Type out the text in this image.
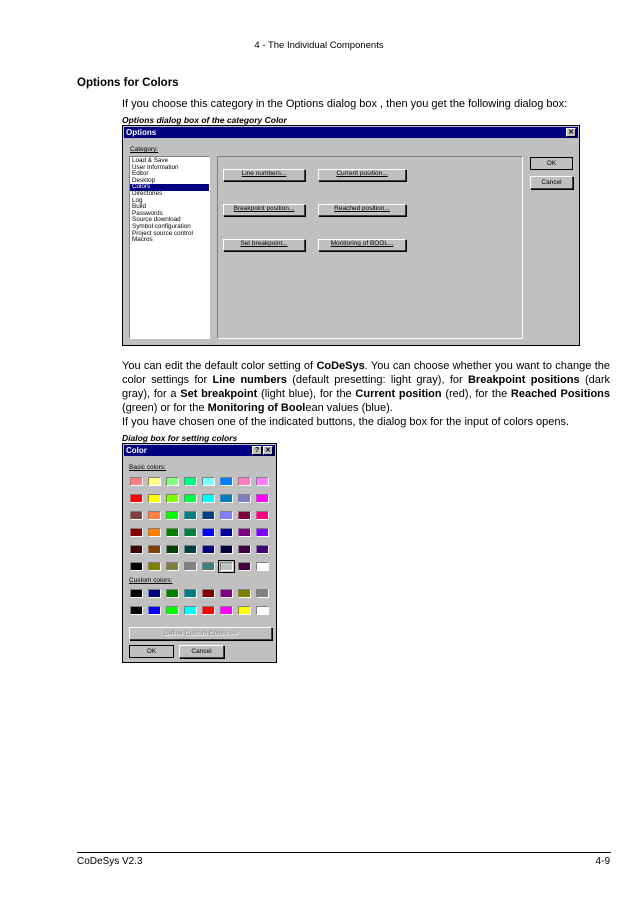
4 - The Individual Components
Options for Colors
If you choose this category in the Options dialog box , then you get the following dialog box:
Options dialog box of the category Color
Options	✕
Category:
Load & Save
User Information
Editor
Desktop
Colors
Directories
Log
Build
Passwords
Source download
Symbol configuration
Project source control
Macros
Line numbers...	Current position...
Breakpoint position...	Reached position...
Set breakpoint...	Monitoring of BOOL...
OK
Cancel
You can edit the default color setting of CoDeSys. You can choose whether you want to change the color settings for Line numbers (default presetting: light gray), for Breakpoint positions (dark gray), for a Set breakpoint (light blue), for the Current position (red), for the Reached Positions (green) or for the Monitoring of Boolean values (blue).
If you have chosen one of the indicated buttons, the dialog box for the input of colors opens.
Dialog box for setting colors
Color	? ✕
Basic colors:
Custom colors:
Define Custom Colors >>
OK	Cancel
CoDeSys V2.3	4-9
